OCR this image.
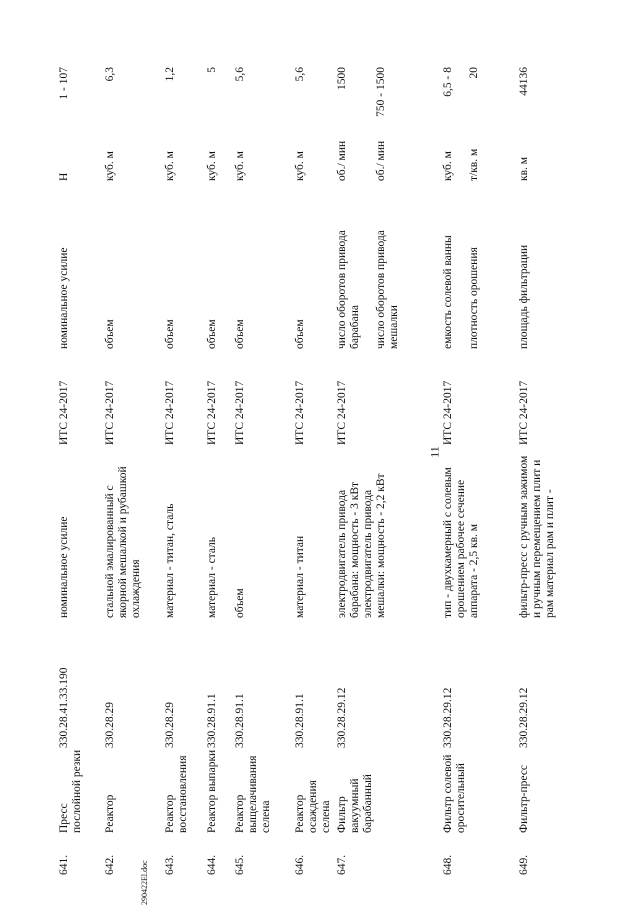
11
641.
Пресс послойной резки
330.28.41.33.190
номинальное усилие
ИТС 24-2017
номинальное усилие
Н
1 - 107
642.
Реактор
330.28.29
стальной эмалированный с якорной мешалкой и рубашкой охлаждения
ИТС 24-2017
объем
куб. м
6,3
643.
Реактор восстановления
330.28.29
материал - титан, сталь
ИТС 24-2017
объем
куб. м
1,2
644.
Реактор выпарки
330.28.91.1
материал - сталь
ИТС 24-2017
объем
куб. м
5
645.
Реактор выщелачивания селена
330.28.91.1
объем
ИТС 24-2017
объем
куб. м
5,6
646.
Реактор осаждения селена
330.28.91.1
материал - титан
ИТС 24-2017
объем
куб. м
5,6
647.
Фильтр вакуумный барабанный
330.28.29.12
электродвигатель привода барабана: мощность - 3 кВт электродвигатель привода мешалки: мощность - 2,2 кВт
ИТС 24-2017
число оборотов привода барабана
об./ мин
1500
число оборотов привода мешалки
об./ мин
750 - 1500
648.
Фильтр солевой оросительный
330.28.29.12
тип - двухкамерный с солевым орошением рабочее сечение аппарата - 2,5 кв. м
ИТС 24-2017
емкость солевой ванны
куб. м
6,5 - 8
плотность орошения
т/кв. м
20
649.
Фильтр-пресс
330.28.29.12
фильтр-пресс с ручным зажимом и ручным перемещением плит и рам материал рам и плит -
ИТС 24-2017
площадь фильтрации
кв. м
44136
290422El.doc
